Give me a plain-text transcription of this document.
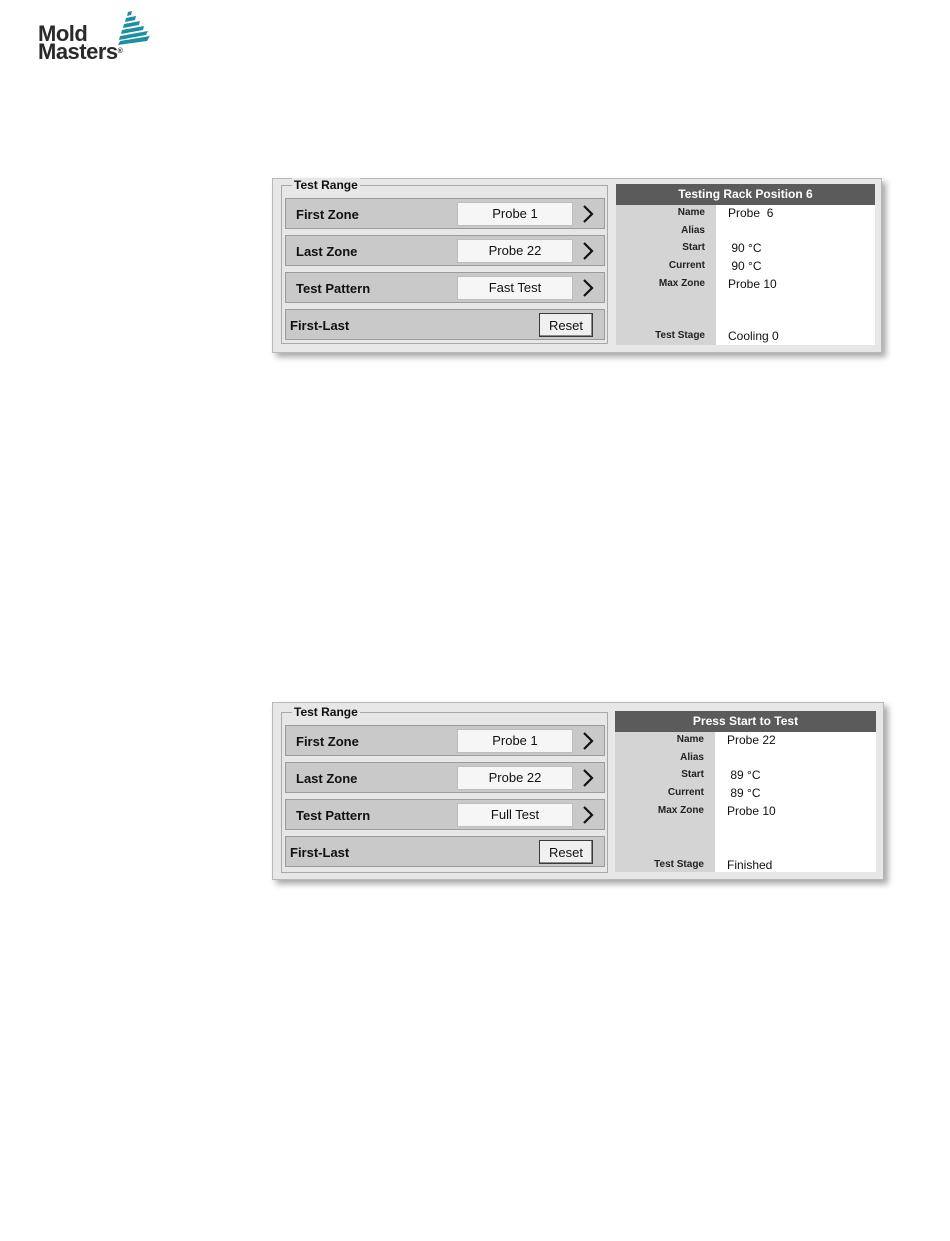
Mold
Masters®
Test Range
First Zone	Probe 1
Last Zone	Probe 22
Test Pattern	Fast Test
First-Last	Reset
Testing Rack Position 6
Name Probe  6
Alias
Start 90 °C
Current 90 °C
Max Zone Probe 10
Test Stage Cooling 0
Test Range
First Zone	Probe 1
Last Zone	Probe 22
Test Pattern	Full Test
First-Last	Reset
Press Start to Test
Name Probe 22
Alias
Start 89 °C
Current 89 °C
Max Zone Probe 10
Test Stage Finished
